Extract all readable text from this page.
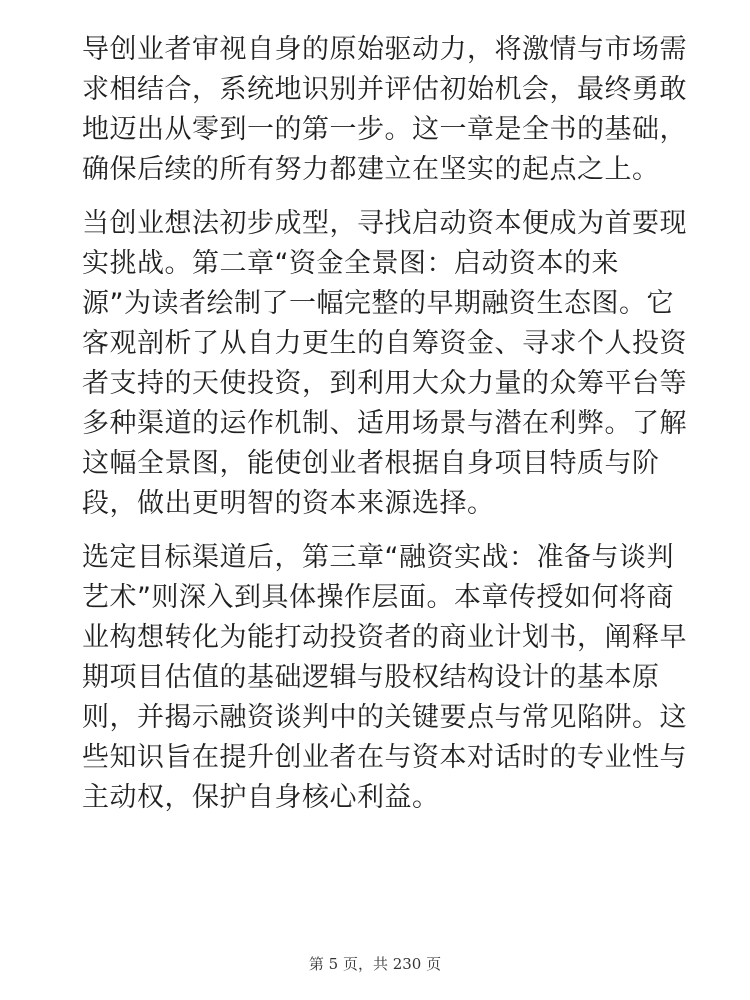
导创业者审视自身的原始驱动力，将激情与市场需
求相结合，系统地识别并评估初始机会，最终勇敢
地迈出从零到一的第一步。这一章是全书的基础，
确保后续的所有努力都建立在坚实的起点之上。

当创业想法初步成型，寻找启动资本便成为首要现
实挑战。第二章“资金全景图：启动资本的来
源”为读者绘制了一幅完整的早期融资生态图。它
客观剖析了从自力更生的自筹资金、寻求个人投资
者支持的天使投资，到利用大众力量的众筹平台等
多种渠道的运作机制、适用场景与潜在利弊。了解
这幅全景图，能使创业者根据自身项目特质与阶
段，做出更明智的资本来源选择。

选定目标渠道后，第三章“融资实战：准备与谈判
艺术”则深入到具体操作层面。本章传授如何将商
业构想转化为能打动投资者的商业计划书，阐释早
期项目估值的基础逻辑与股权结构设计的基本原
则，并揭示融资谈判中的关键要点与常见陷阱。这
些知识旨在提升创业者在与资本对话时的专业性与
主动权，保护自身核心利益。

第 5 页，共 230 页
